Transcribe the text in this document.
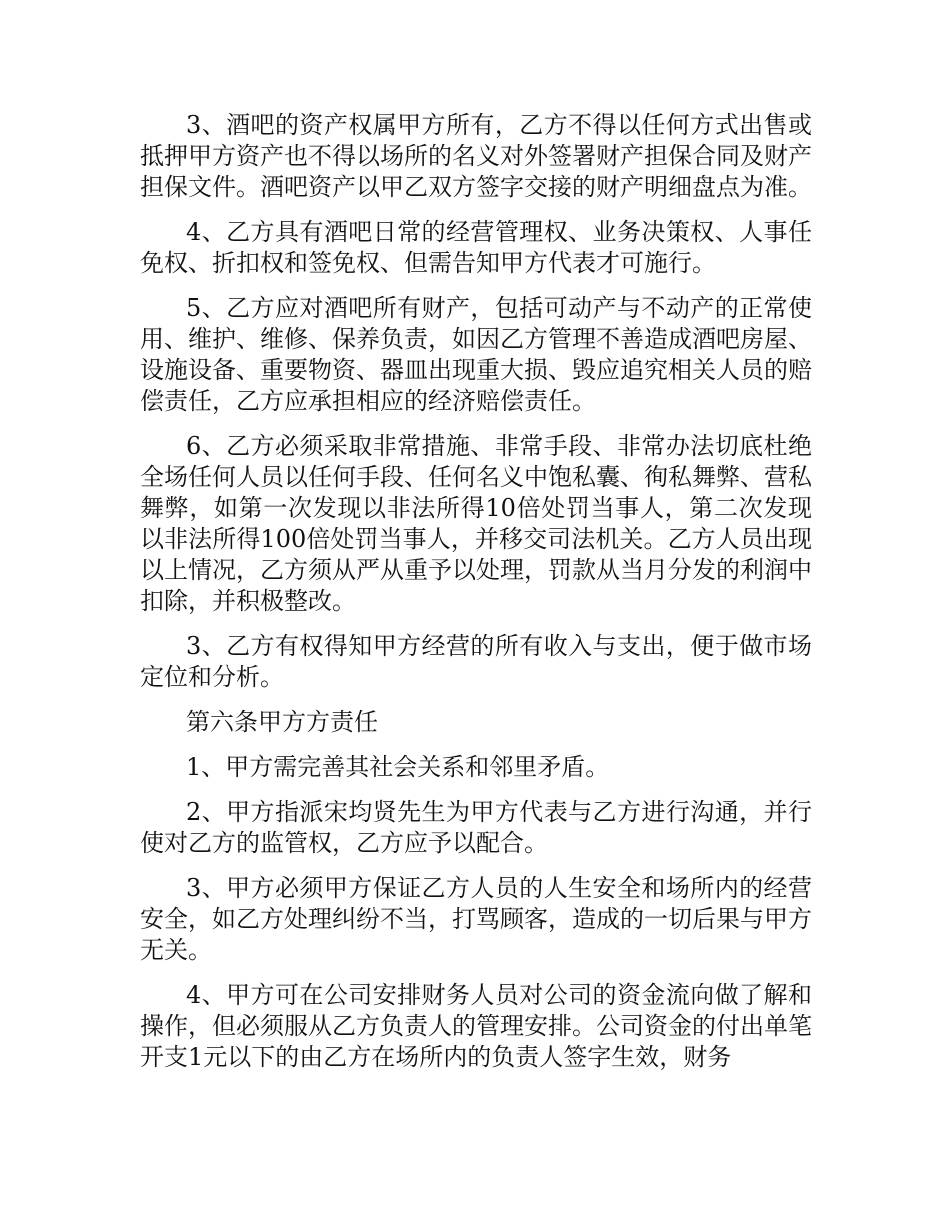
3、酒吧的资产权属甲方所有，乙方不得以任何方式出售或抵押甲方资产也不得以场所的名义对外签署财产担保合同及财产担保文件。酒吧资产以甲乙双方签字交接的财产明细盘点为准。

4、乙方具有酒吧日常的经营管理权、业务决策权、人事任免权、折扣权和签免权、但需告知甲方代表才可施行。

5、乙方应对酒吧所有财产，包括可动产与不动产的正常使用、维护、维修、保养负责，如因乙方管理不善造成酒吧房屋、设施设备、重要物资、器皿出现重大损、毁应追究相关人员的赔偿责任，乙方应承担相应的经济赔偿责任。

6、乙方必须采取非常措施、非常手段、非常办法切底杜绝全场任何人员以任何手段、任何名义中饱私囊、徇私舞弊、营私舞弊，如第一次发现以非法所得10倍处罚当事人，第二次发现以非法所得100倍处罚当事人，并移交司法机关。乙方人员出现以上情况，乙方须从严从重予以处理，罚款从当月分发的利润中扣除，并积极整改。

3、乙方有权得知甲方经营的所有收入与支出，便于做市场定位和分析。

第六条甲方方责任

1、甲方需完善其社会关系和邻里矛盾。

2、甲方指派宋均贤先生为甲方代表与乙方进行沟通，并行使对乙方的监管权，乙方应予以配合。

3、甲方必须甲方保证乙方人员的人生安全和场所内的经营安全，如乙方处理纠纷不当，打骂顾客，造成的一切后果与甲方无关。

4、甲方可在公司安排财务人员对公司的资金流向做了解和操作，但必须服从乙方负责人的管理安排。公司资金的付出单笔开支1元以下的由乙方在场所内的负责人签字生效，财务
